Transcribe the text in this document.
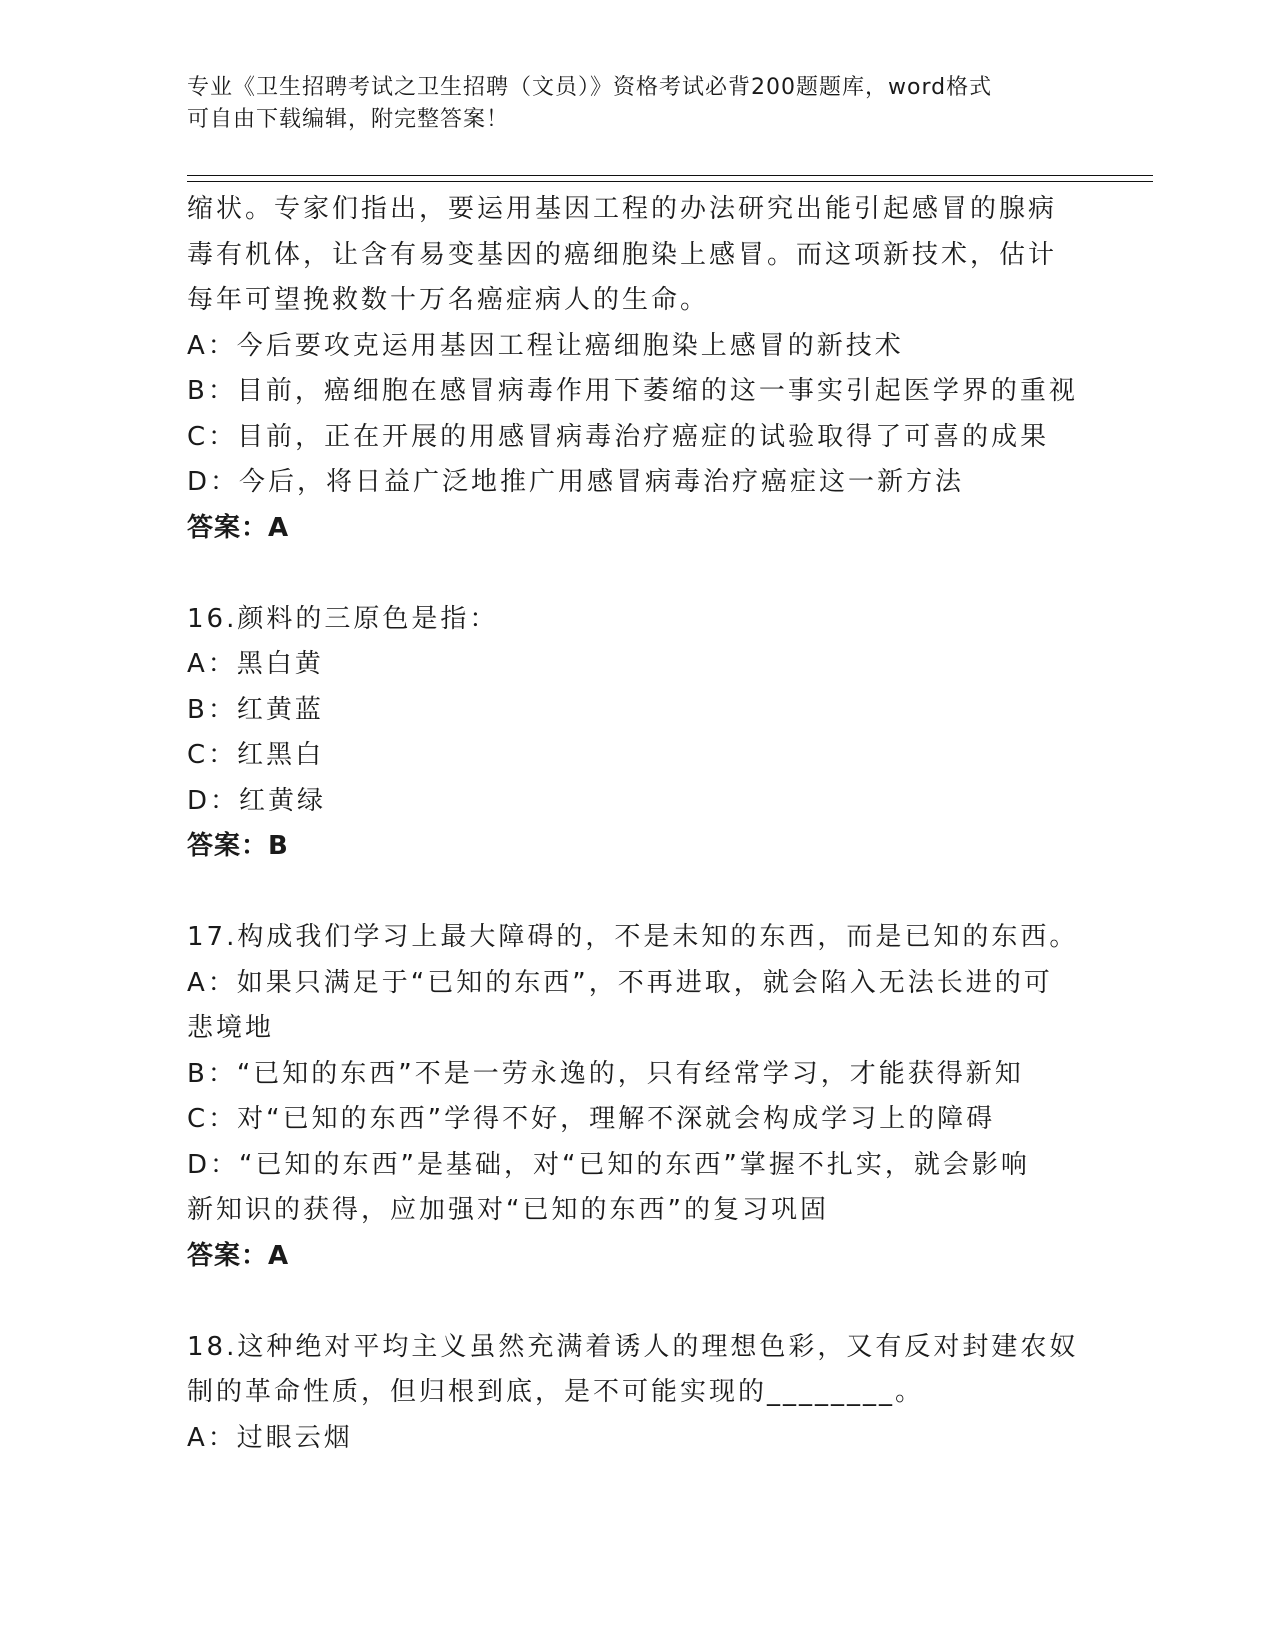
专业《卫生招聘考试之卫生招聘（文员）》资格考试必背200题题库，word格式
可自由下载编辑，附完整答案！
缩状。专家们指出，要运用基因工程的办法研究出能引起感冒的腺病
毒有机体，让含有易变基因的癌细胞染上感冒。而这项新技术，估计
每年可望挽救数十万名癌症病人的生命。
A：今后要攻克运用基因工程让癌细胞染上感冒的新技术
B：目前，癌细胞在感冒病毒作用下萎缩的这一事实引起医学界的重视
C：目前，正在开展的用感冒病毒治疗癌症的试验取得了可喜的成果
D：今后，将日益广泛地推广用感冒病毒治疗癌症这一新方法
答案：A
16.颜料的三原色是指：
A：黑白黄
B：红黄蓝
C：红黑白
D：红黄绿
答案：B
17.构成我们学习上最大障碍的，不是未知的东西，而是已知的东西。
A：如果只满足于“已知的东西”，不再进取，就会陷入无法长进的可
悲境地
B：“已知的东西”不是一劳永逸的，只有经常学习，才能获得新知
C：对“已知的东西”学得不好，理解不深就会构成学习上的障碍
D：“已知的东西”是基础，对“已知的东西”掌握不扎实，就会影响
新知识的获得，应加强对“已知的东西”的复习巩固
答案：A
18.这种绝对平均主义虽然充满着诱人的理想色彩，又有反对封建农奴
制的革命性质，但归根到底，是不可能实现的________。
A：过眼云烟
